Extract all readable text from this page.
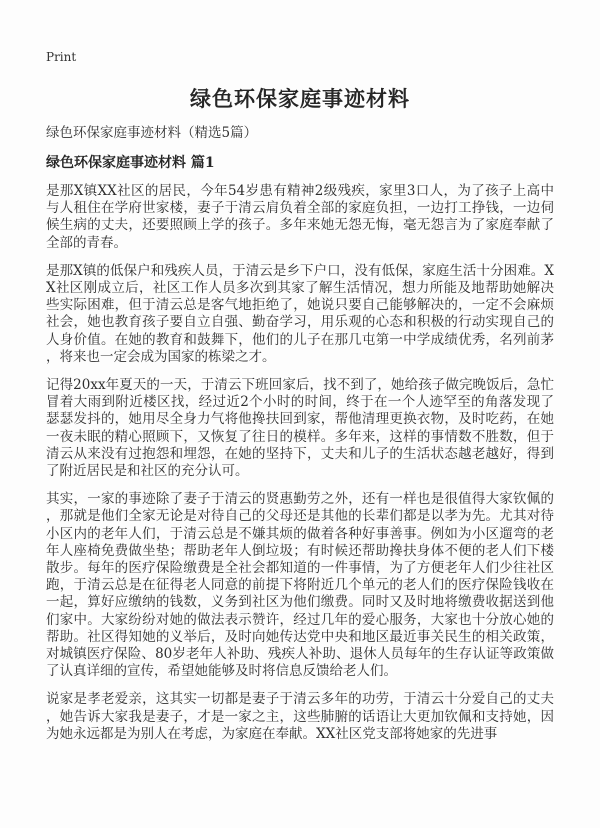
Print
绿色环保家庭事迹材料
绿色环保家庭事迹材料（精选5篇）
绿色环保家庭事迹材料 篇1

是那X镇XX社区的居民，今年54岁患有精神2级残疾，家里3口人，为了孩子上高中与人租住在学府世家楼，妻子于清云肩负着全部的家庭负担，一边打工挣钱，一边伺候生病的丈夫，还要照顾上学的孩子。多年来她无怨无悔，毫无怨言为了家庭奉献了全部的青春。

是那X镇的低保户和残疾人员，于清云是乡下户口，没有低保，家庭生活十分困难。XX社区刚成立后，社区工作人员多次到其家了解生活情况，想力所能及地帮助她解决些实际困难，但于清云总是客气地拒绝了，她说只要自己能够解决的，一定不会麻烦社会，她也教育孩子要自立自强、勤奋学习，用乐观的心态和积极的行动实现自己的人身价值。在她的教育和鼓舞下，他们的儿子在那几屯第一中学成绩优秀，名列前茅，将来也一定会成为国家的栋梁之才。

记得20xx年夏天的一天，于清云下班回家后，找不到了，她给孩子做完晚饭后，急忙冒着大雨到附近楼区找，经过近2个小时的时间，终于在一个人迹罕至的角落发现了瑟瑟发抖的，她用尽全身力气将他搀扶回到家，帮他清理更换衣物，及时吃药，在她一夜未眠的精心照顾下，又恢复了往日的模样。多年来，这样的事情数不胜数，但于清云从来没有过抱怨和埋怨，在她的坚持下，丈夫和儿子的生活状态越老越好，得到了附近居民是和社区的充分认可。

其实，一家的事迹除了妻子于清云的贤惠勤劳之外，还有一样也是很值得大家钦佩的，那就是他们全家无论是对待自己的父母还是其他的长辈们都是以孝为先。尤其对待小区内的老年人们，于清云总是不嫌其烦的做着各种好事善事。例如为小区遛弯的老年人座椅免费做坐垫；帮助老年人倒垃圾；有时候还帮助搀扶身体不便的老人们下楼散步。每年的医疗保险缴费是全社会都知道的一件事情，为了方便老年人们少往社区跑，于清云总是在征得老人同意的前提下将附近几个单元的老人们的医疗保险钱收在一起，算好应缴纳的钱数，义务到社区为他们缴费。同时又及时地将缴费收据送到他们家中。大家纷纷对她的做法表示赞许，经过几年的爱心服务，大家也十分放心她的帮助。社区得知她的义举后，及时向她传达党中央和地区最近事关民生的相关政策，对城镇医疗保险、80岁老年人补助、残疾人补助、退休人员每年的生存认证等政策做了认真详细的宣传，希望她能够及时将信息反馈给老人们。

说家是孝老爱亲，这其实一切都是妻子于清云多年的功劳，于清云十分爱自己的丈夫，她告诉大家我是妻子，才是一家之主，这些肺腑的话语让大更加钦佩和支持她，因为她永远都是为别人在考虑，为家庭在奉献。XX社区党支部将她家的先进事
